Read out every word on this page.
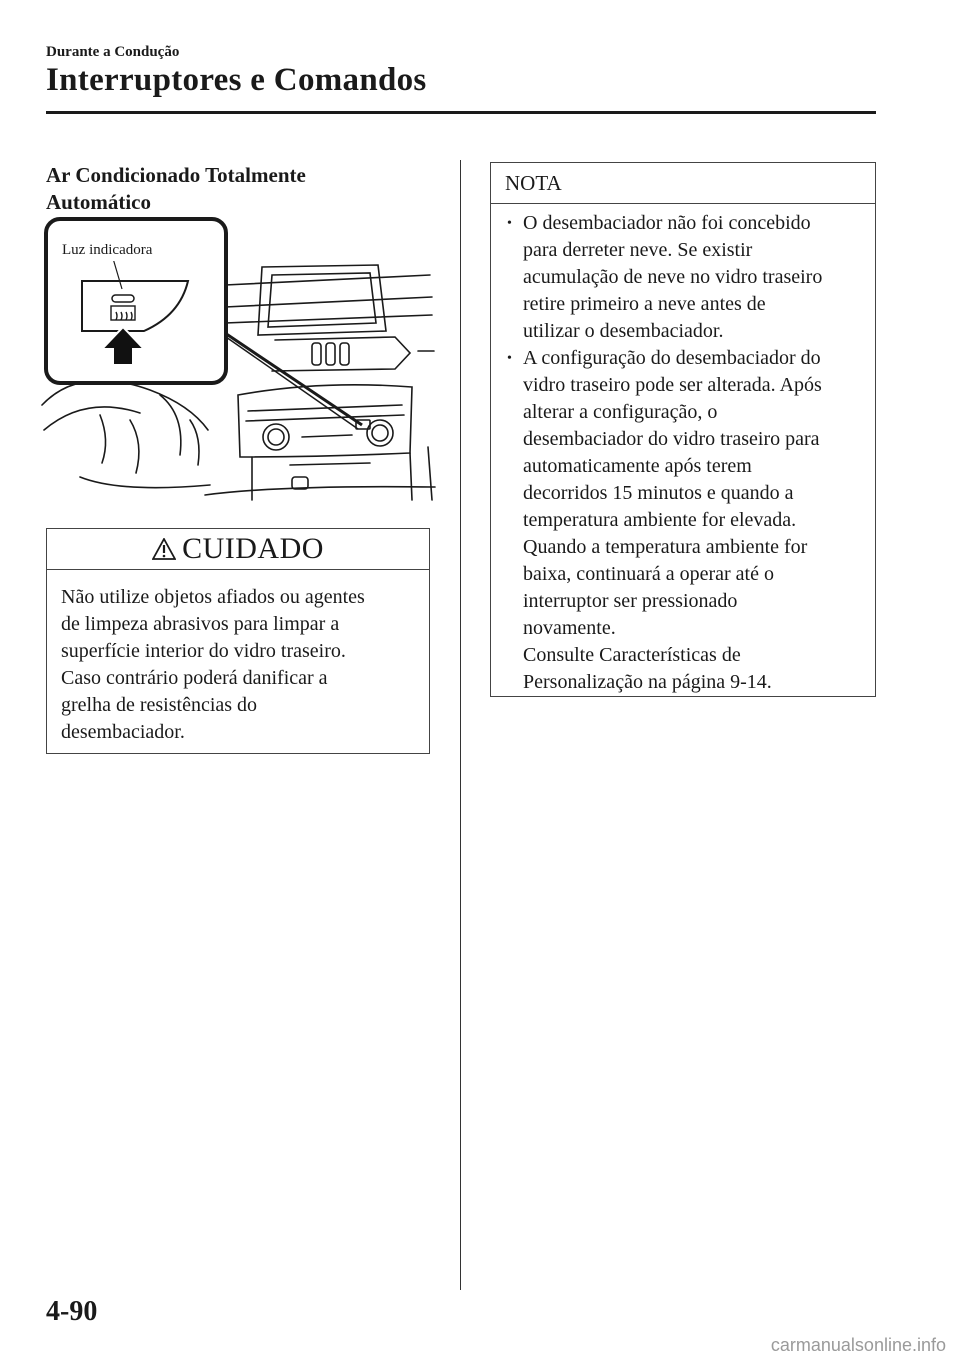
Durante a Condução
Interruptores e Comandos
Ar Condicionado Totalmente
Automático
Luz indicadora
CUIDADO
Não utilize objetos afiados ou agentes
de limpeza abrasivos para limpar a
superfície interior do vidro traseiro.
Caso contrário poderá danificar a
grelha de resistências do
desembaciador.
NOTA
• O desembaciador não foi concebido
para derreter neve. Se existir
acumulação de neve no vidro traseiro
retire primeiro a neve antes de
utilizar o desembaciador.
• A configuração do desembaciador do
vidro traseiro pode ser alterada. Após
alterar a configuração, o
desembaciador do vidro traseiro para
automaticamente após terem
decorridos 15 minutos e quando a
temperatura ambiente for elevada.
Quando a temperatura ambiente for
baixa, continuará a operar até o
interruptor ser pressionado
novamente.
Consulte Características de
Personalização na página 9-14.
4-90
carmanualsonline.info
